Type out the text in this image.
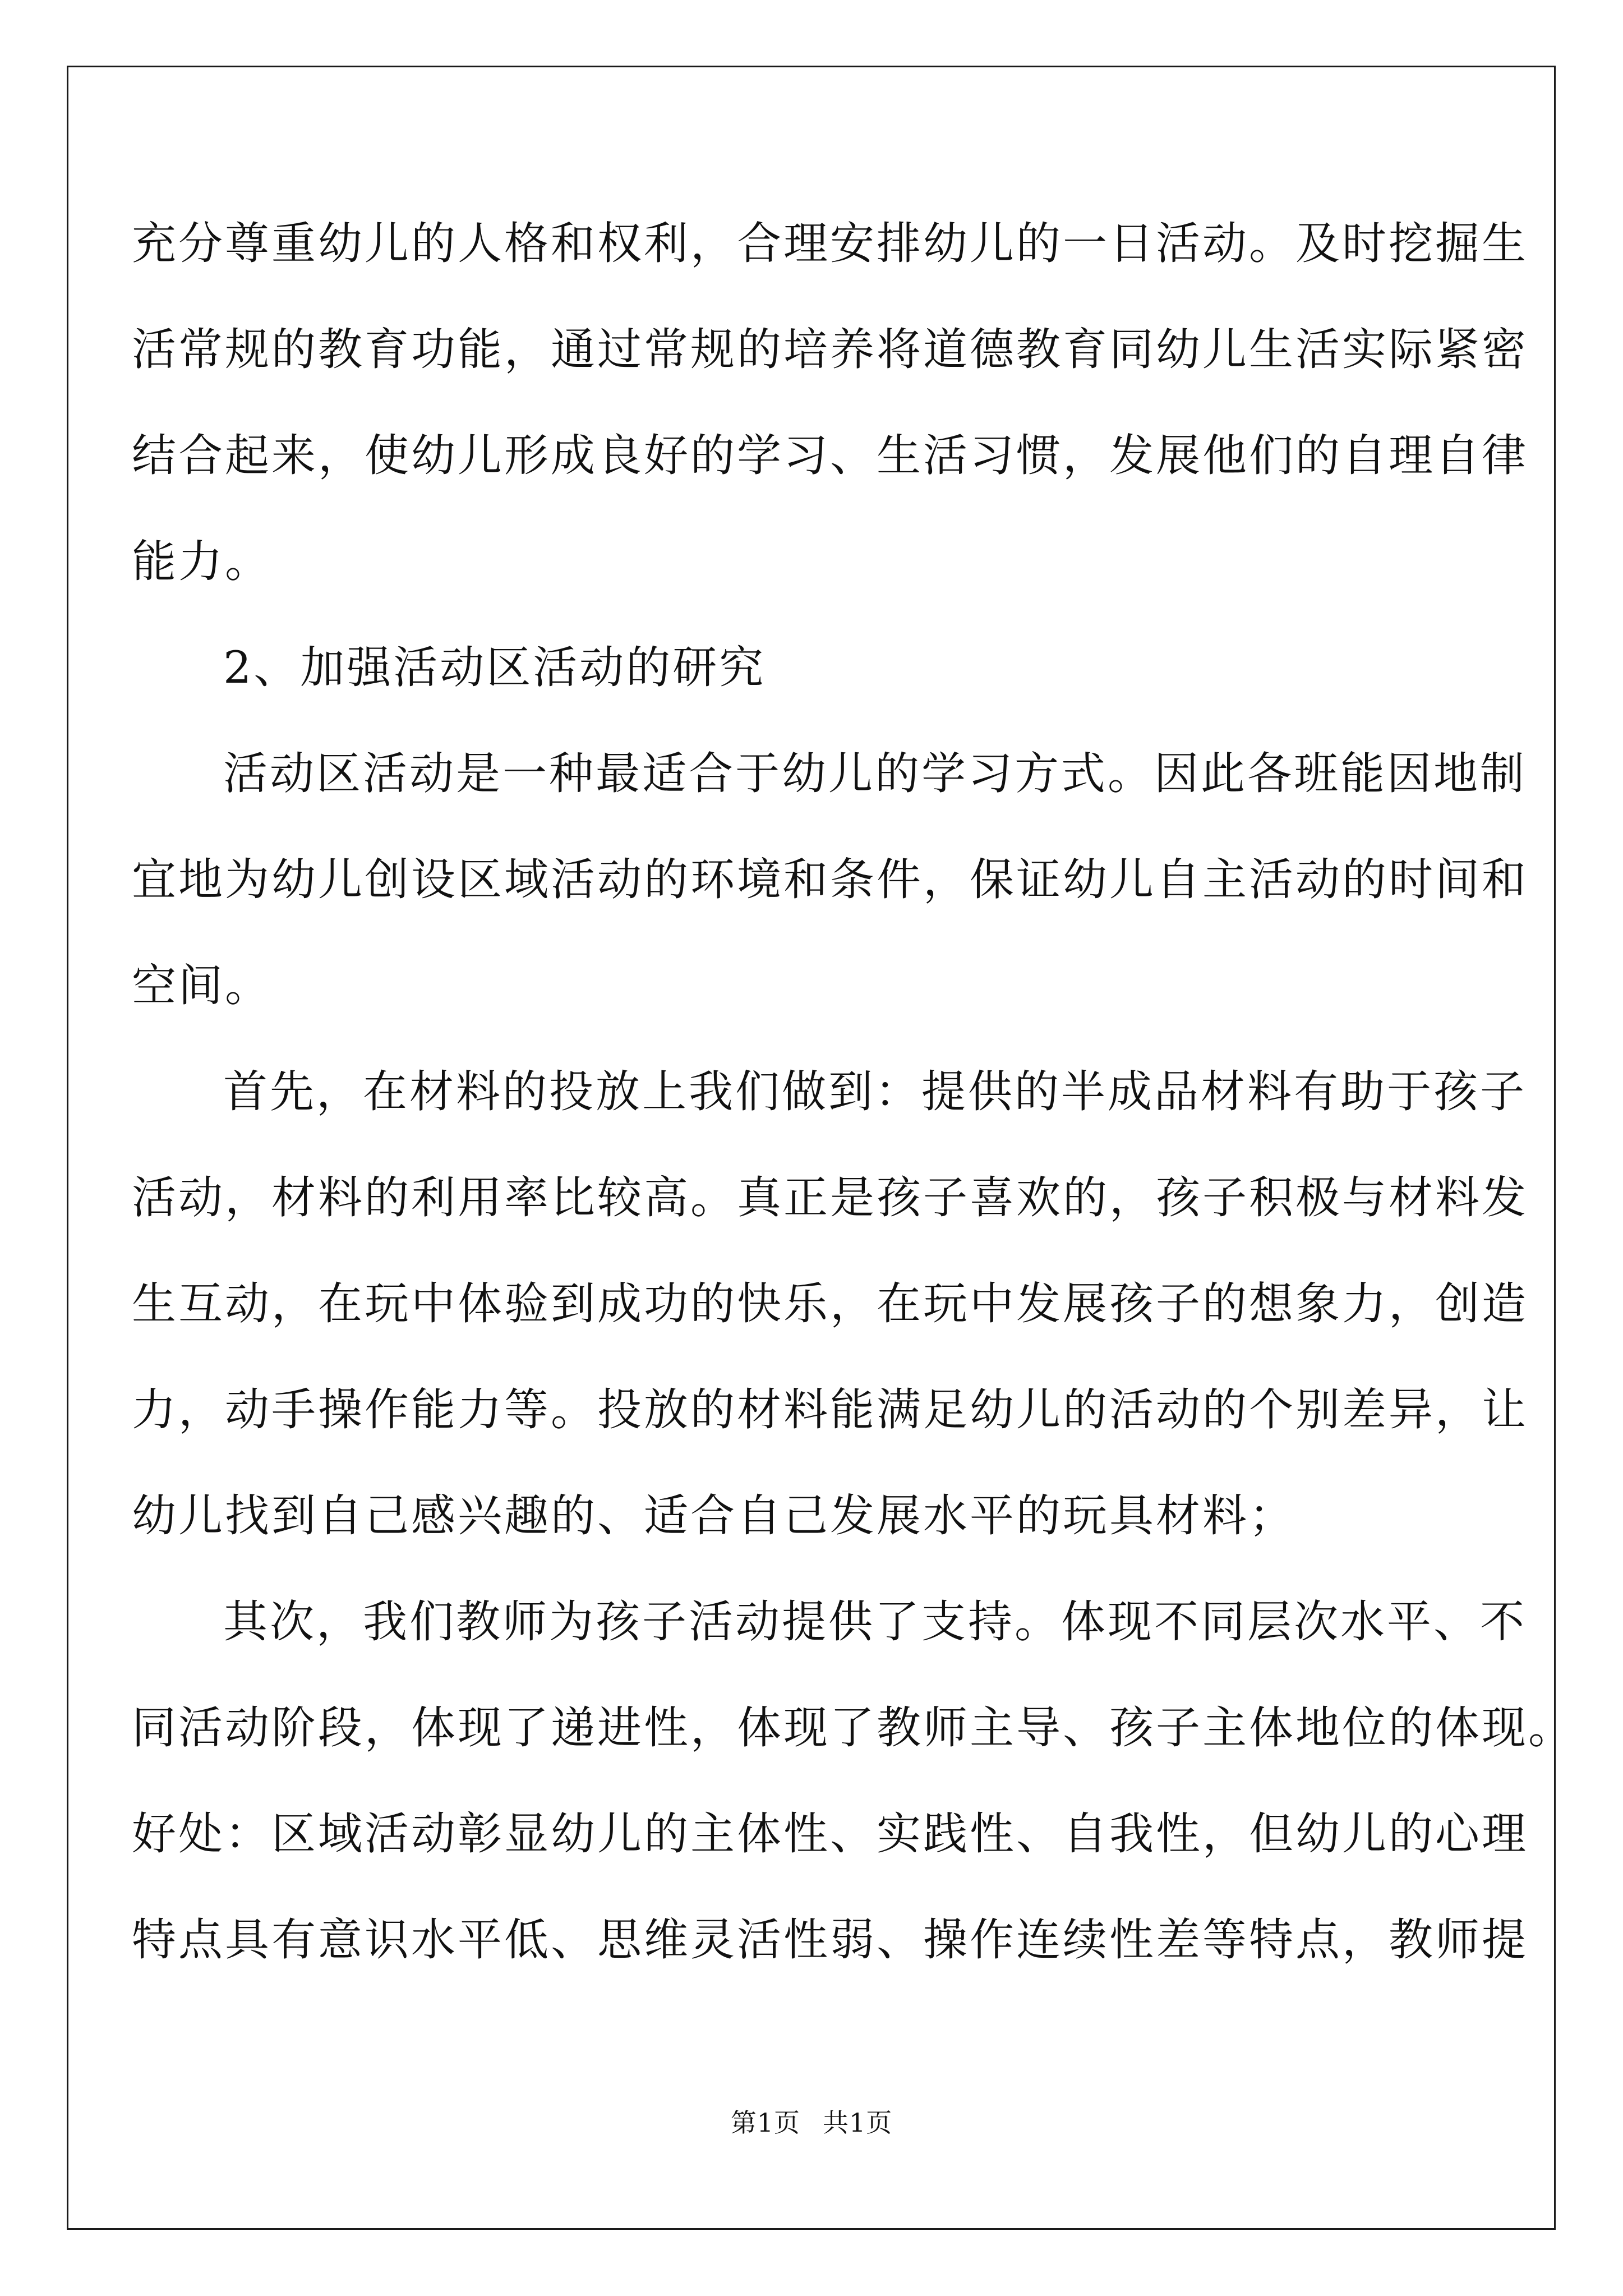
充分尊重幼儿的人格和权利，合理安排幼儿的一日活动。及时挖掘生
活常规的教育功能，通过常规的培养将道德教育同幼儿生活实际紧密
结合起来，使幼儿形成良好的学习、生活习惯，发展他们的自理自律
能力。
2、加强活动区活动的研究
活动区活动是一种最适合于幼儿的学习方式。因此各班能因地制
宜地为幼儿创设区域活动的环境和条件，保证幼儿自主活动的时间和
空间。
首先，在材料的投放上我们做到：提供的半成品材料有助于孩子
活动，材料的利用率比较高。真正是孩子喜欢的，孩子积极与材料发
生互动，在玩中体验到成功的快乐，在玩中发展孩子的想象力，创造
力，动手操作能力等。投放的材料能满足幼儿的活动的个别差异，让
幼儿找到自己感兴趣的、适合自己发展水平的玩具材料；
其次，我们教师为孩子活动提供了支持。体现不同层次水平、不
同活动阶段，体现了递进性，体现了教师主导、孩子主体地位的体现。
好处：区域活动彰显幼儿的主体性、实践性、自我性，但幼儿的心理
特点具有意识水平低、思维灵活性弱、操作连续性差等特点，教师提
第1页 共1页
